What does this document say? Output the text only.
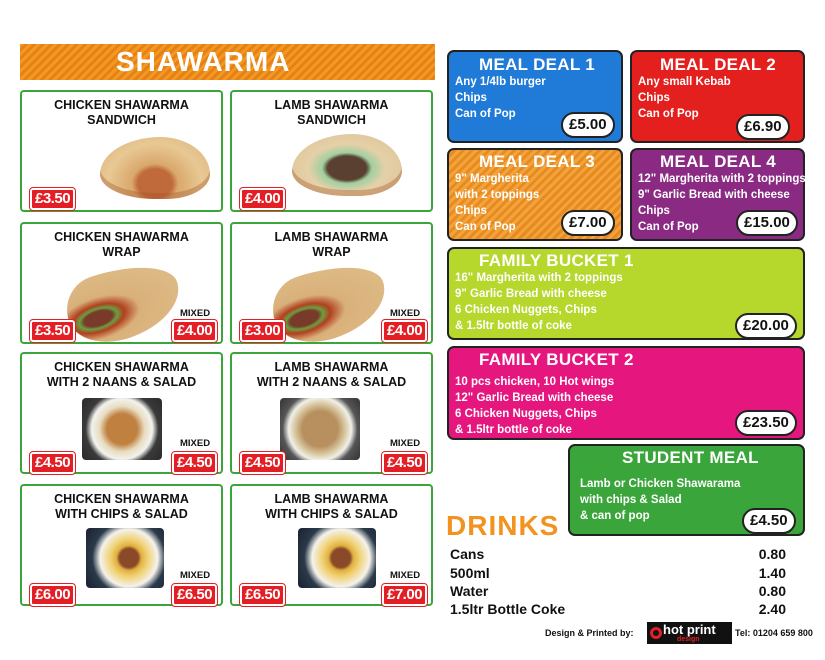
SHAWARMA
CHICKEN SHAWARMA
SANDWICH
£3.50
LAMB SHAWARMA
SANDWICH
£4.00
CHICKEN SHAWARMA
WRAP
MIXED
£3.50	£4.00
LAMB SHAWARMA
WRAP
MIXED
£3.00	£4.00
CHICKEN SHAWARMA
WITH 2 NAANS & SALAD
MIXED
£4.50	£4.50
LAMB SHAWARMA
WITH 2 NAANS & SALAD
MIXED
£4.50	£4.50
CHICKEN SHAWARMA
WITH CHIPS & SALAD
MIXED
£6.00	£6.50
LAMB SHAWARMA
WITH CHIPS & SALAD
MIXED
£6.50	£7.00
MEAL DEAL 1
Any 1/4lb burger
Chips
Can of Pop
£5.00
MEAL DEAL 2
Any small Kebab
Chips
Can of Pop
£6.90
MEAL DEAL 3
9" Margherita
with 2 toppings
Chips
Can of Pop	£7.00
MEAL DEAL 4
12" Margherita with 2 toppings
9" Garlic Bread with cheese
Chips
Can of Pop	£15.00
FAMILY BUCKET 1
16" Margherita with 2 toppings
9" Garlic Bread with cheese
6 Chicken Nuggets, Chips
& 1.5ltr bottle of coke	£20.00
FAMILY BUCKET 2
10 pcs chicken, 10 Hot wings
12" Garlic Bread with cheese
6 Chicken Nuggets, Chips
& 1.5ltr bottle of coke	£23.50
STUDENT MEAL
Lamb or Chicken Shawarama
with chips & Salad
& can of pop	£4.50
DRINKS
Cans	0.80
500ml	1.40
Water	0.80
1.5ltr Bottle Coke	2.40
Design & Printed by:	hot print
design
Tel: 01204 659 800
